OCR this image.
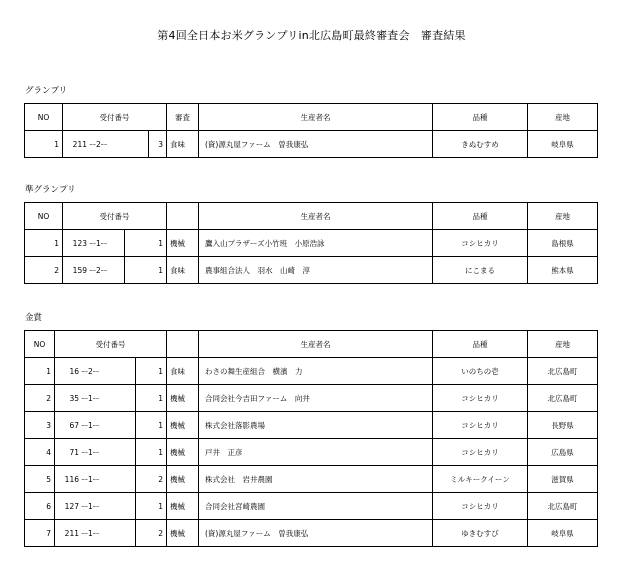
第4回全日本お米グランプリin北広島町最終審査会　審査結果
グランプリ
NO	受付番号		審査	生産者名	品種	産地
1	211 ー2ー	3	食味	(資)源丸屋ファーム　曽我康弘	きぬむすめ	岐阜県
準グランプリ
NO	受付番号			生産者名	品種	産地
1	123 ー1ー	1	機械	鷹入山プラザーズ小竹班　小原浩詠	コシヒカリ	島根県
2	159 ー2ー	1	食味	農事組合法人　羽水　山崎　淳	にこまる	熊本県
金賞
NO	受付番号			生産者名	品種	産地
1	16 ー2ー	1	食味	わさの舞生産組合　横濱　力	いのちの壱	北広島町
2	35 ー1ー	1	機械	合同会社今吉田ファーム　向井	コシヒカリ	北広島町
3	67 ー1ー	1	機械	株式会社落影農場	コシヒカリ	長野県
4	71 ー1ー	1	機械	戸井　正彦	コシヒカリ	広島県
5	116 ー1ー	2	機械	株式会社　岩井農園	ミルキークイーン	滋賀県
6	127 ー1ー	1	機械	合同会社宮崎農園	コシヒカリ	北広島町
7	211 ー1ー	2	機械	(資)源丸屋ファーム　曽我康弘	ゆきむすび	岐阜県
